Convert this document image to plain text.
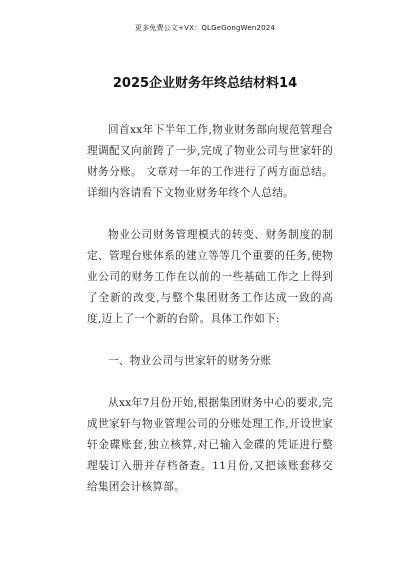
更多免费公文+VX：QLGeGongWen2024
2025企业财务年终总结材料14

回首xx年下半年工作,物业财务部向规范管理合理调配又向前跨了一步,完成了物业公司与世家轩的财务分账。 文章对一年的工作进行了两方面总结。详细内容请看下文物业财务年终个人总结。

物业公司财务管理模式的转变、财务制度的制定、管理台账体系的建立等等几个重要的任务,使物业公司的财务工作在以前的一些基础工作之上得到了全新的改变,与整个集团财务工作达成一致的高度,迈上了一个新的台阶。具体工作如下:

一、物业公司与世家轩的财务分账

从xx年7月份开始,根据集团财务中心的要求,完成世家轩与物业管理公司的分账处理工作,开设世家轩金碟账套,独立核算,对已输入金碟的凭证进行整理装订入册并存档备查。11月份,又把该账套移交给集团会计核算部。
